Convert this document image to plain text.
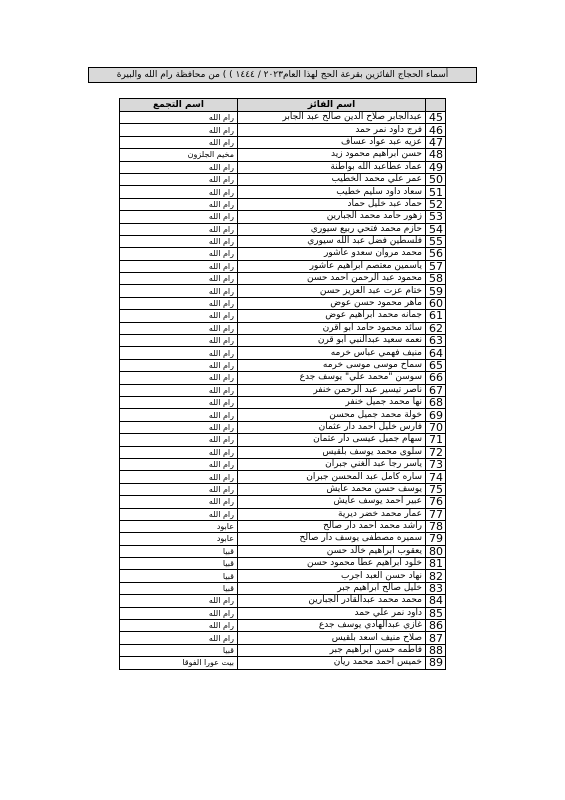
أسماء الحجاج الفائزين بقرعة الحج لهذا العام٢٠٢٣ / ١٤٤٤ ) ) من محافظة رام الله والبيرة
	اسم الفائز	اسم التجمع
45	عبدالجابر صلاح الدين صالح عبد الجابر	رام الله
46	فرج داود نمر حمد	رام الله
47	عزيه عبد عواد عساف	رام الله
48	حسن ابراهيم محمود زيد	مخيم الجلزون
49	عماد عطاعبد الله بواطنة	رام الله
50	عمر علي محمد الخطيب	رام الله
51	سعاد داود سليم خطيب	رام الله
52	حماد عبد خليل حماد	رام الله
53	زهور حامد محمد الجبارين	رام الله
54	حازم محمد فتحي ربيع سيوري	رام الله
55	فلسطين فضل عبد الله سيوري	رام الله
56	محمد مروان سعدو عاشور	رام الله
57	ياسمين معتصم ابراهيم عاشور	رام الله
58	محمود عبد الرحمن احمد حسن	رام الله
59	ختام عزت عبد العزيز حسن	رام الله
60	ماهر محمود حسن عوض	رام الله
61	جمانه محمد ابراهيم عوض	رام الله
62	سائد محمود حامد ابو اقرن	رام الله
63	نعمه سعيد عبدالنبي ابو قرن	رام الله
64	منيف فهمي عباس خرمه	رام الله
65	سماح موسى موسى خرمه	رام الله
66	سوسن "محمد علي" يوسف جدع	رام الله
67	ناصر تيسير عبد الرحمن خنفر	رام الله
68	نها محمد جميل خنفر	رام الله
69	خولة محمد جميل محسن	رام الله
70	فارس خليل أحمد دار عثمان	رام الله
71	سهام جميل عيسى دار عثمان	رام الله
72	سلوى محمد يوسف بلقيس	رام الله
73	ياسر رجا عبد الغني جبران	رام الله
74	ساره كامل عبد المحسن جبران	رام الله
75	يوسف حسن محمد عايش	رام الله
76	عبير أحمد يوسف عايش	رام الله
77	عمار محمد خضر ديرية	رام الله
78	راشد محمد أحمد دار صالح	عابود
79	سميره مصطفى يوسف دار صالح	عابود
80	يعقوب ابراهيم خالد حسن	قبيا
81	خلود ابراهيم عطا محمود حسن	قبيا
82	نهاد حسن العبد اجرب	قبيا
83	خليل صالح ابراهيم جبر	قبيا
84	محمد محمد عبدالقادر الجبارين	رام الله
85	داود نمر علي حمد	رام الله
86	غازي عبدالهادي يوسف جدع	رام الله
87	صلاح منيف اسعد بلقيس	رام الله
88	فاطمه حسن ابراهيم جبر	قبيا
89	خميس أحمد محمد ريان	بيت عورا الفوقا
